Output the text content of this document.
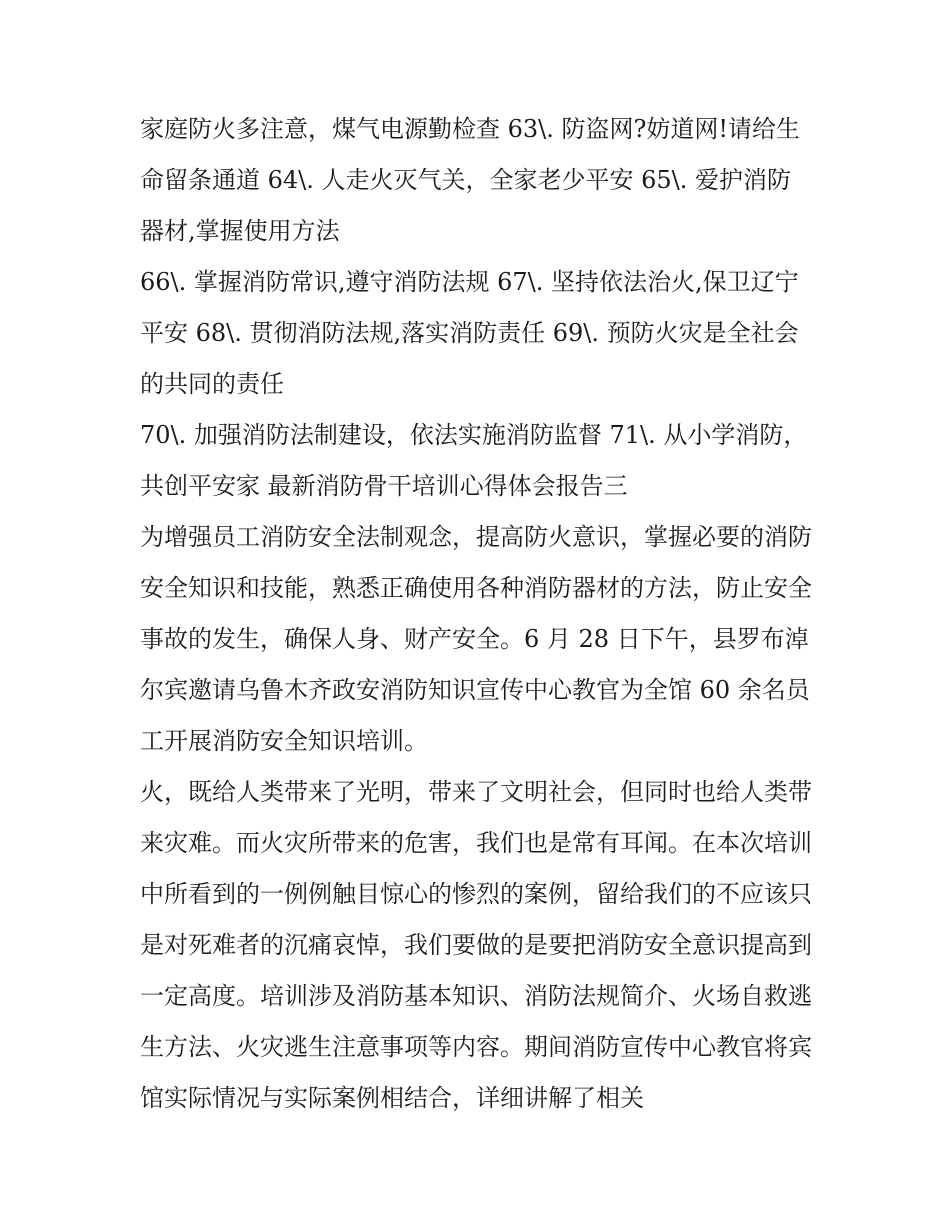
家庭防火多注意，煤气电源勤检查 63\. 防盗网?妨道网!请给生命留条通道 64\. 人走火灭气关，全家老少平安 65\. 爱护消防器材,掌握使用方法

66\. 掌握消防常识,遵守消防法规 67\. 坚持依法治火,保卫辽宁平安 68\. 贯彻消防法规,落实消防责任 69\. 预防火灾是全社会的共同的责任

70\. 加强消防法制建设，依法实施消防监督 71\. 从小学消防，共创平安家 最新消防骨干培训心得体会报告三

为增强员工消防安全法制观念，提高防火意识，掌握必要的消防安全知识和技能，熟悉正确使用各种消防器材的方法，防止安全事故的发生，确保人身、财产安全。6 月 28 日下午，县罗布淖尔宾邀请乌鲁木齐政安消防知识宣传中心教官为全馆 60 余名员工开展消防安全知识培训。

火，既给人类带来了光明，带来了文明社会，但同时也给人类带来灾难。而火灾所带来的危害，我们也是常有耳闻。在本次培训中所看到的一例例触目惊心的惨烈的案例，留给我们的不应该只是对死难者的沉痛哀悼，我们要做的是要把消防安全意识提高到一定高度。培训涉及消防基本知识、消防法规简介、火场自救逃生方法、火灾逃生注意事项等内容。期间消防宣传中心教官将宾馆实际情况与实际案例相结合，详细讲解了相关
